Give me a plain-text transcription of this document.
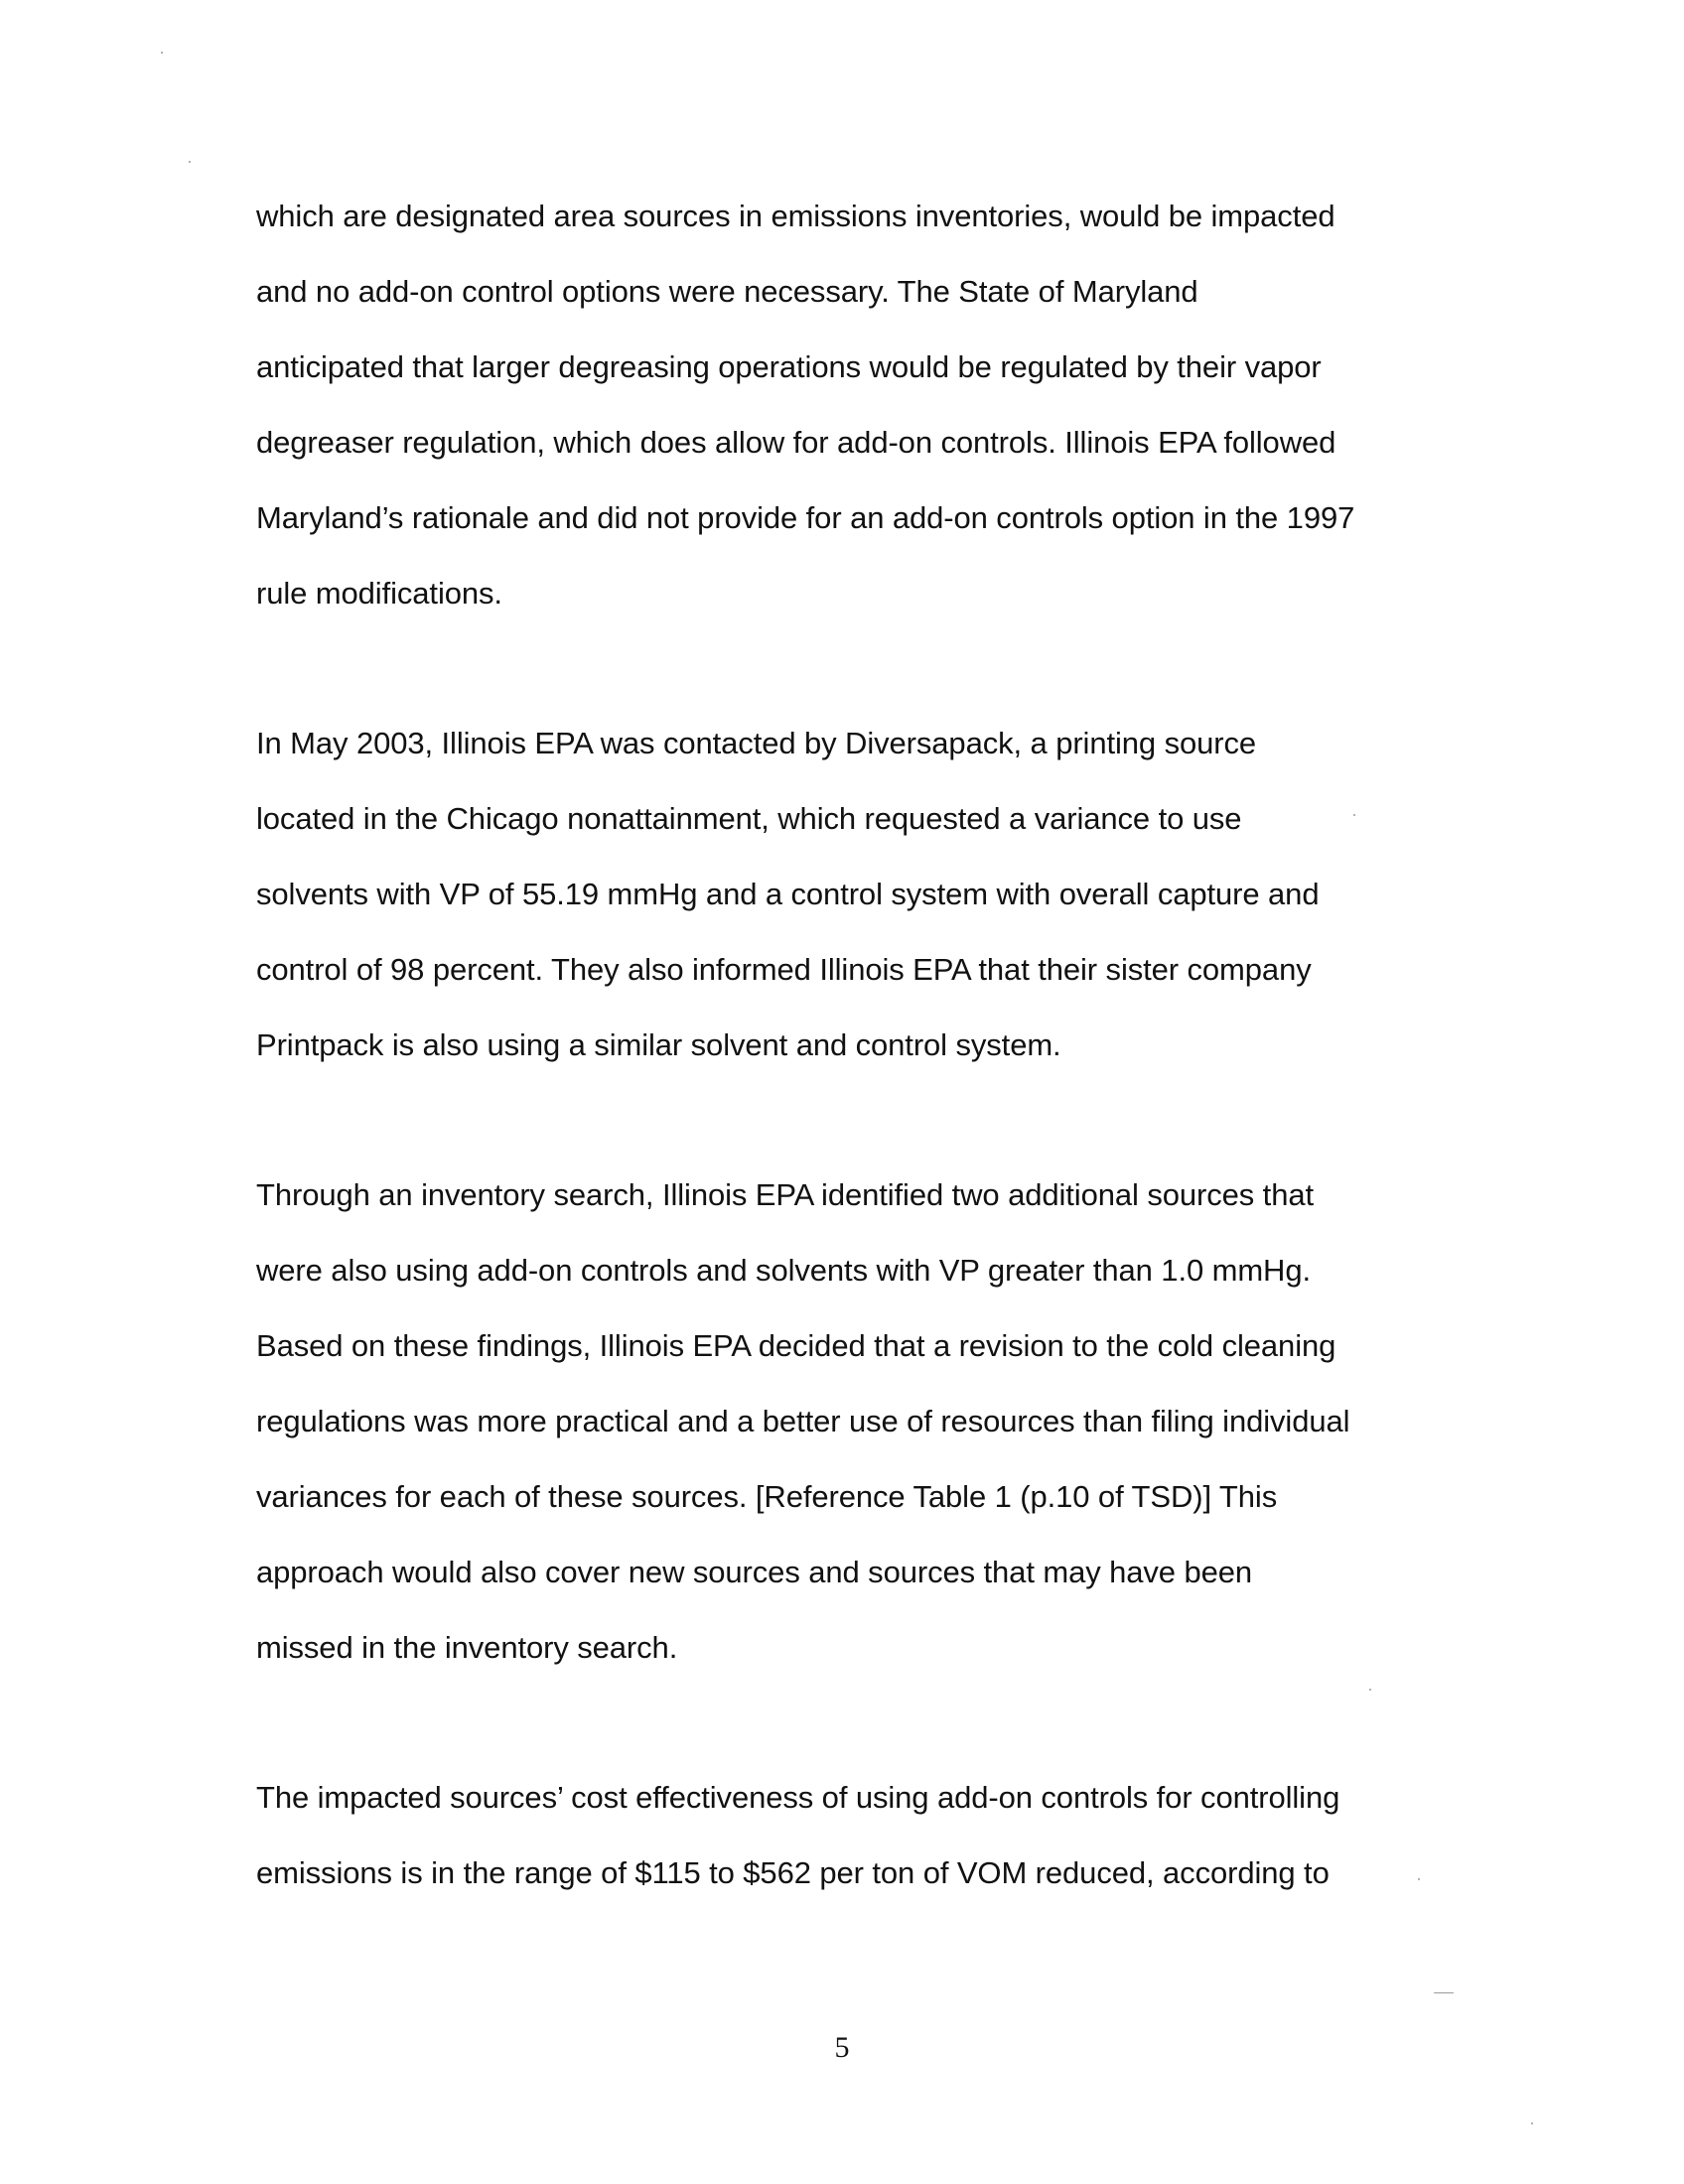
which are designated area sources in emissions inventories, would be impacted
and no add-on control options were necessary. The State of Maryland
anticipated that larger degreasing operations would be regulated by their vapor
degreaser regulation, which does allow for add-on controls. Illinois EPA followed
Maryland’s rationale and did not provide for an add-on controls option in the 1997
rule modifications.
In May 2003, Illinois EPA was contacted by Diversapack, a printing source
located in the Chicago nonattainment, which requested a variance to use
solvents with VP of 55.19 mmHg and a control system with overall capture and
control of 98 percent. They also informed Illinois EPA that their sister company
Printpack is also using a similar solvent and control system.
Through an inventory search, Illinois EPA identified two additional sources that
were also using add-on controls and solvents with VP greater than 1.0 mmHg.
Based on these findings, Illinois EPA decided that a revision to the cold cleaning
regulations was more practical and a better use of resources than filing individual
variances for each of these sources. [Reference Table 1 (p.10 of TSD)] This
approach would also cover new sources and sources that may have been
missed in the inventory search.
The impacted sources’ cost effectiveness of using add-on controls for controlling
emissions is in the range of $115 to $562 per ton of VOM reduced, according to
5
